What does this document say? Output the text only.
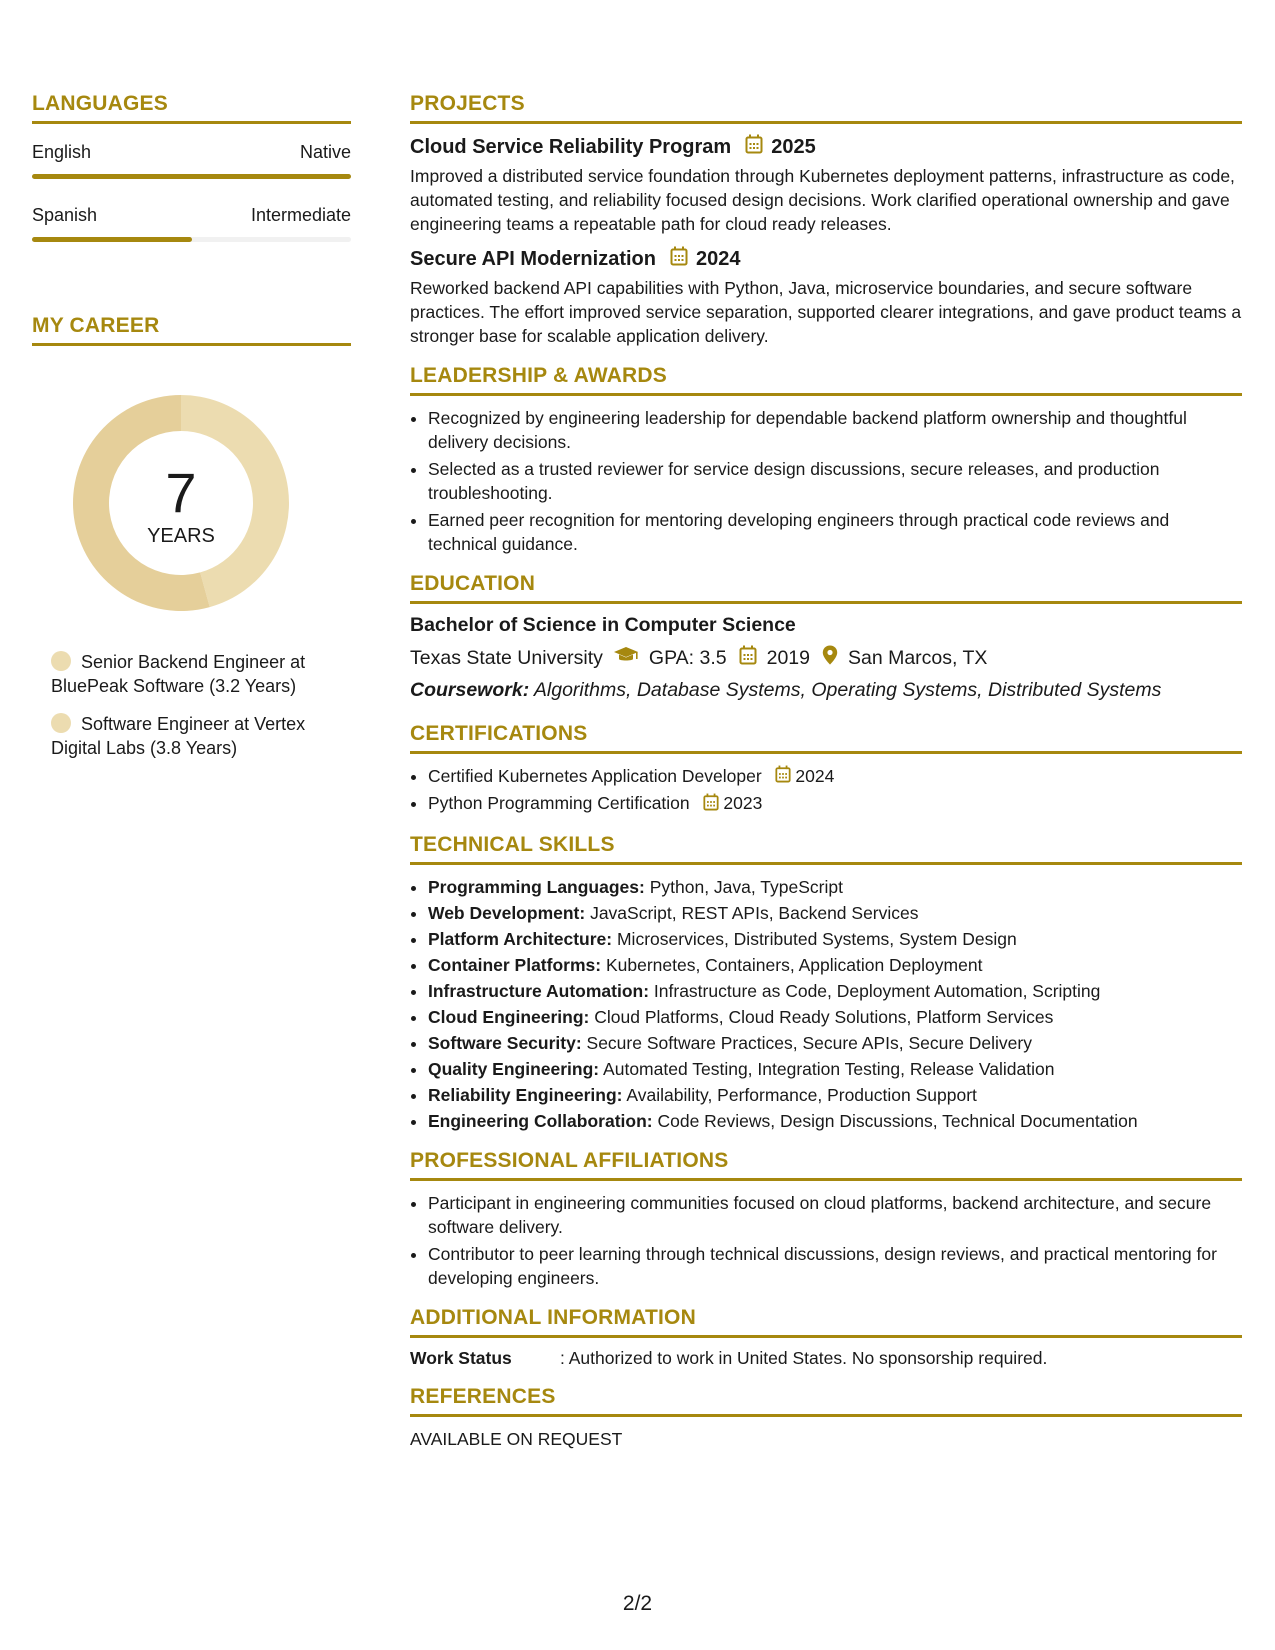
LANGUAGES
English	Native
Spanish	Intermediate
MY CAREER
7
YEARS
Senior Backend Engineer at BluePeak Software (3.2 Years)
Software Engineer at Vertex Digital Labs (3.8 Years)
PROJECTS
Cloud Service Reliability Program 2025
Improved a distributed service foundation through Kubernetes deployment patterns, infrastructure as code, automated testing, and reliability focused design decisions. Work clarified operational ownership and gave engineering teams a repeatable path for cloud ready releases.
Secure API Modernization 2024
Reworked backend API capabilities with Python, Java, microservice boundaries, and secure software practices. The effort improved service separation, supported clearer integrations, and gave product teams a stronger base for scalable application delivery.
LEADERSHIP & AWARDS
• Recognized by engineering leadership for dependable backend platform ownership and thoughtful delivery decisions.
• Selected as a trusted reviewer for service design discussions, secure releases, and production troubleshooting.
• Earned peer recognition for mentoring developing engineers through practical code reviews and technical guidance.
EDUCATION
Bachelor of Science in Computer Science
Texas State University GPA: 3.5 2019 San Marcos, TX
Coursework: Algorithms, Database Systems, Operating Systems, Distributed Systems
CERTIFICATIONS
• Certified Kubernetes Application Developer 2024
• Python Programming Certification 2023
TECHNICAL SKILLS
• Programming Languages: Python, Java, TypeScript
• Web Development: JavaScript, REST APIs, Backend Services
• Platform Architecture: Microservices, Distributed Systems, System Design
• Container Platforms: Kubernetes, Containers, Application Deployment
• Infrastructure Automation: Infrastructure as Code, Deployment Automation, Scripting
• Cloud Engineering: Cloud Platforms, Cloud Ready Solutions, Platform Services
• Software Security: Secure Software Practices, Secure APIs, Secure Delivery
• Quality Engineering: Automated Testing, Integration Testing, Release Validation
• Reliability Engineering: Availability, Performance, Production Support
• Engineering Collaboration: Code Reviews, Design Discussions, Technical Documentation
PROFESSIONAL AFFILIATIONS
• Participant in engineering communities focused on cloud platforms, backend architecture, and secure software delivery.
• Contributor to peer learning through technical discussions, design reviews, and practical mentoring for developing engineers.
ADDITIONAL INFORMATION
Work Status	: Authorized to work in United States. No sponsorship required.
REFERENCES
AVAILABLE ON REQUEST
2/2
